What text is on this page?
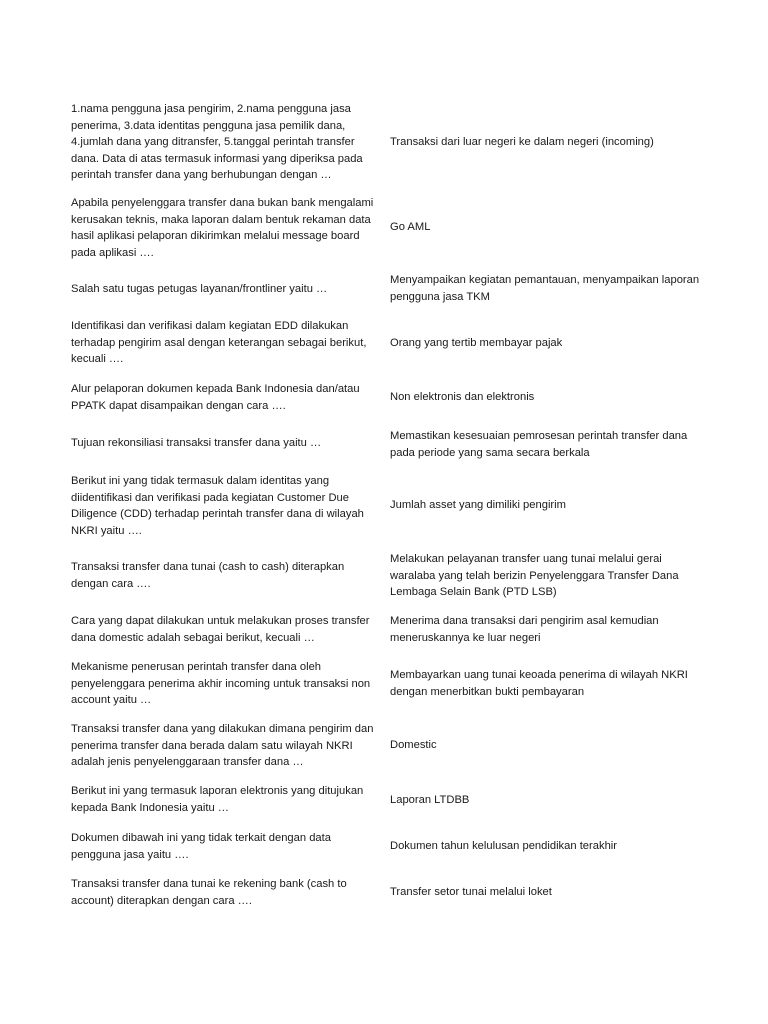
1.nama pengguna jasa pengirim, 2.nama pengguna jasa penerima, 3.data identitas pengguna jasa pemilik dana, 4.jumlah dana yang ditransfer, 5.tanggal perintah transfer dana. Data di atas termasuk informasi yang diperiksa pada perintah transfer dana yang berhubungan dengan …
Transaksi dari luar negeri ke dalam negeri (incoming)
Apabila penyelenggara transfer dana bukan bank mengalami kerusakan teknis, maka laporan dalam bentuk rekaman data hasil aplikasi pelaporan dikirimkan melalui message board pada aplikasi ….
Go AML
Salah satu tugas petugas layanan/frontliner yaitu …
Menyampaikan kegiatan pemantauan, menyampaikan laporan pengguna jasa TKM
Identifikasi dan verifikasi dalam kegiatan EDD dilakukan terhadap pengirim asal dengan keterangan sebagai berikut, kecuali ….
Orang yang tertib membayar pajak
Alur pelaporan dokumen kepada Bank Indonesia dan/atau PPATK dapat disampaikan dengan cara ….
Non elektronis dan elektronis
Tujuan rekonsiliasi transaksi transfer dana yaitu …
Memastikan kesesuaian pemrosesan perintah transfer dana pada periode yang sama secara berkala
Berikut ini yang tidak termasuk dalam identitas yang diidentifikasi dan verifikasi pada kegiatan Customer Due Diligence (CDD) terhadap perintah transfer dana di wilayah NKRI yaitu ….
Jumlah asset yang dimiliki pengirim
Transaksi transfer dana tunai (cash to cash) diterapkan dengan cara ….
Melakukan pelayanan transfer uang tunai melalui gerai waralaba yang telah berizin Penyelenggara Transfer Dana Lembaga Selain Bank (PTD LSB)
Cara yang dapat dilakukan untuk melakukan proses transfer dana domestic adalah sebagai berikut, kecuali …
Menerima dana transaksi dari pengirim asal kemudian meneruskannya ke luar negeri
Mekanisme penerusan perintah transfer dana oleh penyelenggara penerima akhir incoming untuk transaksi non account yaitu …
Membayarkan uang tunai keoada penerima di wilayah NKRI dengan menerbitkan bukti pembayaran
Transaksi transfer dana yang dilakukan dimana pengirim dan penerima transfer dana berada dalam satu wilayah NKRI adalah jenis penyelenggaraan transfer dana …
Domestic
Berikut ini yang termasuk laporan elektronis yang ditujukan kepada Bank Indonesia yaitu …
Laporan LTDBB
Dokumen dibawah ini yang tidak terkait dengan data pengguna jasa yaitu ….
Dokumen tahun kelulusan pendidikan terakhir
Transaksi transfer dana tunai ke rekening bank (cash to account) diterapkan dengan cara ….
Transfer setor tunai melalui loket
